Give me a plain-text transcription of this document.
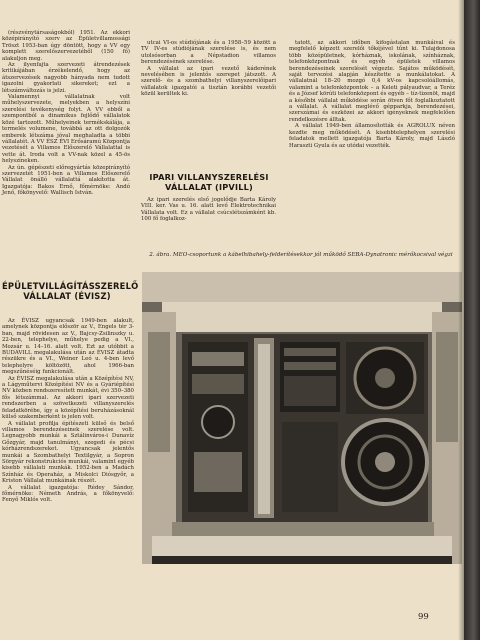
(részvénytársaságokból) 1951. Az ekkori középirányító szerv az Épületvillamossági Tröszt 1953-ban úgy döntött, hogy a VV egy komplett szerelőszervezetéből (150 fő) alakuljon meg.

Az ilyenfajta szervezeti átrendezések kritikájában érzékelendő, hogy az átszervezések nagyobb hányada nem tudott igazolni gyakorlati sikereket; ezt a létszámváltozás is jelzi.

Valamennyi vállalatnak volt műhelyszervezete, melyekben a helyszíni szerelési tevékenység folyt. A VV ebből a szempontból a dinamikus fejlődő vállalatok közé tartozott. Műhelyeinek termékskálája, a termelés volumene, továbbá az ott dolgozók emberek létszáma jóval meghaladta a többi vállalatét. A VV ÉSZ ÉVI Erősáramú Központja vezetését a Villamos Előszerelő Vállalattal is vette át. Iroda volt a VV-nak közel a 45-ös helyszíneken.

Az ún. gépészeti előregyártás közepirányító szervezetét 1951-ben a Villamos Előszerelő Vállalat önálló vállalattá alakította át. Igazgatója: Bakos Ernő, főmérnöke: Andó Jenő, főkönyvelő: Wallisch István.

ÉPÜLETVILLÁGÍTÁSSZERELŐ VÁLLALAT (ÉVISZ)

Az ÉVISZ ugyancsak 1949-ben alakult, amelynek központja először az V., Engels tér 3-ban, majd rövidesen az V., Bajcsy-Zsilinszky u. 22-ben, telephelye, műhelye pedig a VI., Mozsár u. 14–16. alatt volt. Ezt az utóbbit a BUDAVILL megalakulása után az ÉVISZ átadta részükre és a VI., Weiner Leó u. 4-ben levő telephelyre költözött, ahol 1966-ban megszűnéséig funkcionált.

Az ÉVISZ megalakulása után a Középítési NV, a Lágyműtervi Középítési NV és a Gyáriépítési NV közben rendszeresített munkát, évi 350–380 fős létszámmal. Az akkori ipari szervezeti rendszerben a szövetkezeti villanyszerelés feladatkörébe, így a középítési beruházásoknál külső szakemberként is jelen volt.

A vállalat profilja építészeti külső és belső villamos berendezéseinek szerelése volt. Legnagyobb munkái a Sztálinváros-i Dunavíz Gőzgyár, majd tanulmányi, szegedi és pécsi kórházrendszereket. Ugyancsak jelentős munkái a Szombathelyi Textilgyár, a Sopron Sörgyár rekonstrukciós munkái, valamint egyéb kisebb vállalati munkák. 1952-ben a Madách Színház és Operaház, a Miskolci Diósgyőr, a Kriston Vállalat munkáinak részét.

A vállalat igazgatója: Rédey Sándor, főmérnöke: Németh András, a főkönyvelő: Fenyő Miklós volt.

utcai VI-os stúdiójának és a 1958–59 között a TV IV-es stúdiójának szerelése is, és nem utolsósorban a Népstadion villamos berendezésének szerelése.

A vállalat az ipari vezető káderének nevelésében is jelentős szerepet játszott. A szerelő- és a szombathelyi villanyszerelőipari vállalatok igazgatói a tisztán korábbi vezetői közül kerültek ki.

IPARI VILLANYSZERELÉSI VÁLLALAT (IPVILL)

Az ipari szerelés első jogelődje Barta Károly VIII. ker. Vas u. 16. alatt levő Elektrotechnikai Vállalata volt. Ez a vállalat csúcslétszámként kb. 100 fő foglalkoz-

tatott, az akkori időben kifogástalan munkáival és megfelelő képzett szerelői tőkéjével tűnt ki. Tulajdonosa több középületnek, kórháznak, iskolának, színháznak, telefonközpontnak és egyéb épületek villamos berendezéseinek szerelését végezte. Sajátos működését, saját tervezési alapján készítette a munkálatokat. A vállalatnál 18–20 mozgó 0,4 kV-os kapcsolóállomás, valamint a telefonközpontok – a Keleti pályaudvar, a Teréz és a József körúti telefonközpont és egyéb – tíz-tizenöt, majd a későbbi vállalat működése során ötven főt foglalkoztatott a vállalat. A vállalat meglévő gépparkja, berendezései, szerszámai és eszközei az akkori igényeknek megfelelően rendelkezésre álltak.

A vállalat 1949-ben államosították és AGROLUX néven kezdte meg működését. A kisebbtelephelyen szerelési feladatok mellett igazgatója Barta Károly, majd László Haraszti Gyula és az utódai vezették.

2. ábra. MEO-csoportunk a kábelhibahely-felderítésekkor jól működő SEBA-Dynatronic mérőkocsival végzi
99
